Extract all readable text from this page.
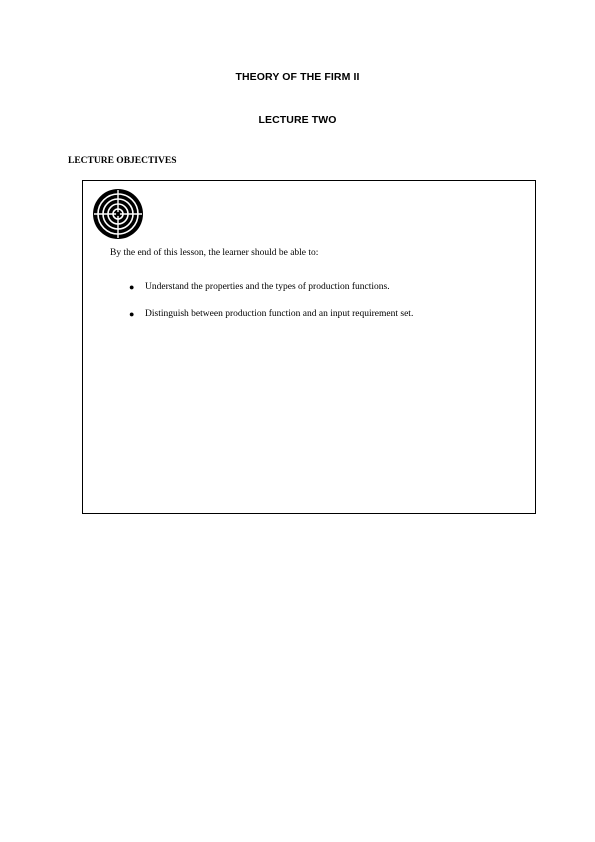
THEORY OF THE FIRM II
LECTURE TWO
LECTURE OBJECTIVES
By the end of this lesson, the learner should be able to:
● Understand the properties and the types of production functions.
● Distinguish between production function and an input requirement set.
